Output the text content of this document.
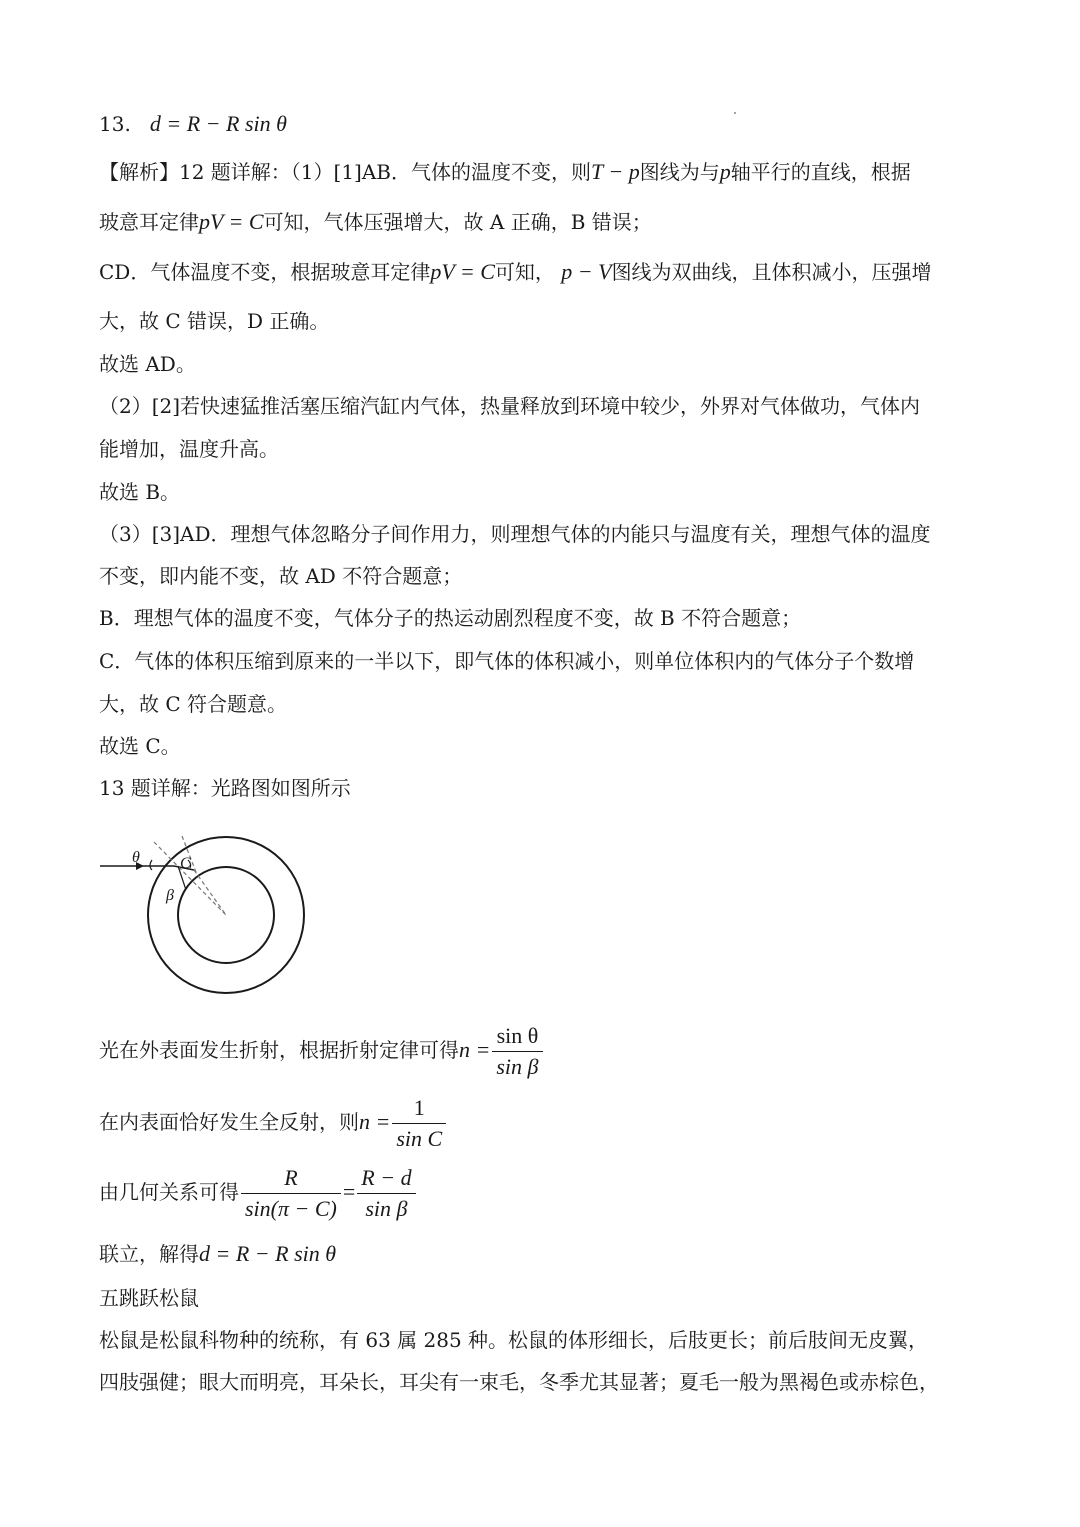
13. d = R − R sin θ
【解析】12 题详解：（1）[1]AB．气体的温度不变，则T − p图线为与p轴平行的直线，根据
玻意耳定律pV = C可知，气体压强增大，故 A 正确，B 错误；
CD．气体温度不变，根据玻意耳定律pV = C可知， p − V图线为双曲线，且体积减小，压强增
大，故 C 错误，D 正确。
故选 AD。
（2）[2]若快速猛推活塞压缩汽缸内气体，热量释放到环境中较少，外界对气体做功，气体内
能增加，温度升高。
故选 B。
（3）[3]AD．理想气体忽略分子间作用力，则理想气体的内能只与温度有关，理想气体的温度
不变，即内能不变，故 AD 不符合题意；
B．理想气体的温度不变，气体分子的热运动剧烈程度不变，故 B 不符合题意；
C．气体的体积压缩到原来的一半以下，即气体的体积减小，则单位体积内的气体分子个数增
大，故 C 符合题意。
故选 C。
13 题详解：光路图如图所示
θ	C
β
光在外表面发生折射，根据折射定律可得$n = \frac{\text{sin θ}}{\text{sin β}}$
在内表面恰好发生全反射，则$n = \frac{1}{\text{sin C}}$
由几何关系可得 $\frac{R}{\sin(\pi - C)} = \frac{R - d}{\text{sin β}}$
联立，解得d = R − R sin θ
五跳跃松鼠
松鼠是松鼠科物种的统称，有 63 属 285 种。松鼠的体形细长，后肢更长；前后肢间无皮翼，
四肢强健；眼大而明亮，耳朵长，耳尖有一束毛，冬季尤其显著；夏毛一般为黑褐色或赤棕色，
